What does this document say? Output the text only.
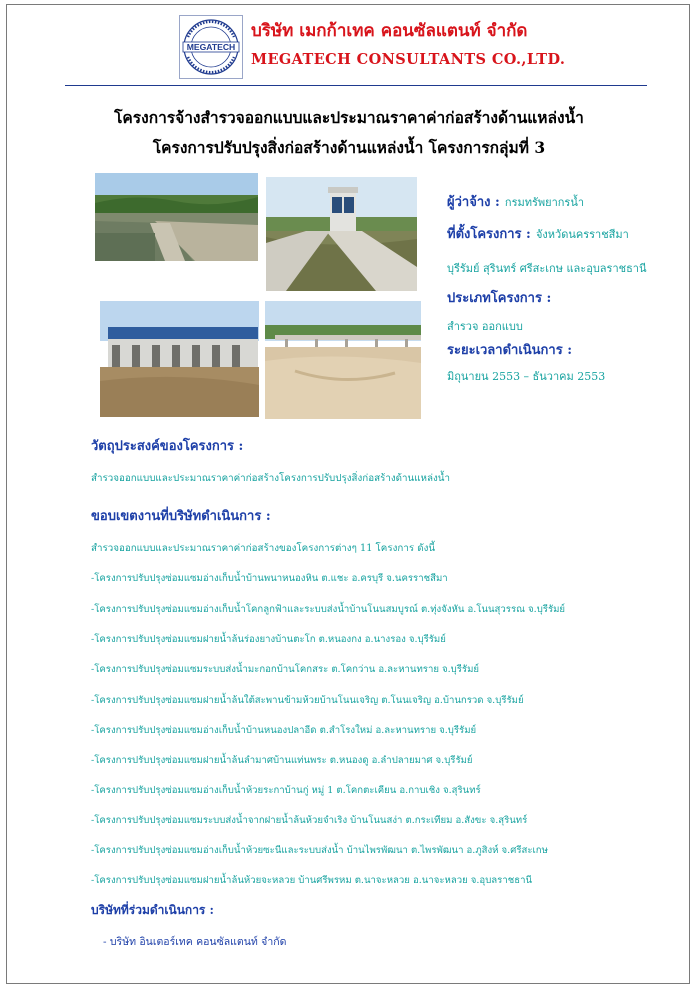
MEGATECH
บริษัท เมกก้าเทค คอนซัลแตนท์ จำกัด
MEGATECH CONSULTANTS CO.,LTD.
โครงการจ้างสำรวจออกแบบและประมาณราคาค่าก่อสร้างด้านแหล่งน้ำ
โครงการปรับปรุงสิ่งก่อสร้างด้านแหล่งน้ำ โครงการกลุ่มที่ 3
ผู้ว่าจ้าง : กรมทรัพยากรน้ำ
ที่ตั้งโครงการ : จังหวัดนครราชสีมา
บุรีรัมย์ สุรินทร์ ศรีสะเกษ และอุบลราชธานี
ประเภทโครงการ :
สำรวจ ออกแบบ
ระยะเวลาดำเนินการ :
มิถุนายน 2553 – ธันวาคม 2553
วัตถุประสงค์ของโครงการ :
สำรวจออกแบบและประมาณราคาค่าก่อสร้างโครงการปรับปรุงสิ่งก่อสร้างด้านแหล่งน้ำ
ขอบเขตงานที่บริษัทดำเนินการ :
สำรวจออกแบบและประมาณราคาค่าก่อสร้างของโครงการต่างๆ 11 โครงการ ดังนี้
-โครงการปรับปรุงซ่อมแซมอ่างเก็บน้ำบ้านพนาหนองหิน ต.แชะ อ.ครบุรี จ.นครราชสีมา
-โครงการปรับปรุงซ่อมแซมอ่างเก็บน้ำโคกลูกฟ้าและระบบส่งน้ำบ้านโนนสมบูรณ์ ต.ทุ่งจังหัน อ.โนนสุวรรณ จ.บุรีรัมย์
-โครงการปรับปรุงซ่อมแซมฝายน้ำล้นร่องยางบ้านตะโก ต.หนองกง อ.นางรอง จ.บุรีรัมย์
-โครงการปรับปรุงซ่อมแซมระบบส่งน้ำมะกอกบ้านโคกสระ ต.โคกว่าน อ.ละหานทราย จ.บุรีรัมย์
-โครงการปรับปรุงซ่อมแซมฝายน้ำล้นใต้สะพานข้ามห้วยบ้านโนนเจริญ ต.โนนเจริญ อ.บ้านกรวด จ.บุรีรัมย์
-โครงการปรับปรุงซ่อมแซมอ่างเก็บน้ำบ้านหนองปลาอีด ต.สำโรงใหม่ อ.ละหานทราย จ.บุรีรัมย์
-โครงการปรับปรุงซ่อมแซมฝายน้ำล้นลำมาศบ้านแท่นพระ ต.หนองดู อ.ลำปลายมาศ จ.บุรีรัมย์
-โครงการปรับปรุงซ่อมแซมอ่างเก็บน้ำห้วยระกาบ้านกู่ หมู่ 1 ต.โคกตะเคียน อ.กาบเชิง จ.สุรินทร์
-โครงการปรับปรุงซ่อมแซมระบบส่งน้ำจากฝายน้ำล้นห้วยจำเริง บ้านโนนสง่า ต.กระเทียม อ.สังขะ จ.สุรินทร์
-โครงการปรับปรุงซ่อมแซมอ่างเก็บน้ำห้วยซะนีและระบบส่งน้ำ บ้านไพรพัฒนา ต.ไพรพัฒนา อ.ภูสิงห์ จ.ศรีสะเกษ
-โครงการปรับปรุงซ่อมแซมฝายน้ำล้นห้วยจะหลวย บ้านศรีพรหม ต.นาจะหลวย อ.นาจะหลวย จ.อุบลราชธานี
บริษัทที่ร่วมดำเนินการ :
- บริษัท อินเตอร์เทค คอนซัลแตนท์ จำกัด
